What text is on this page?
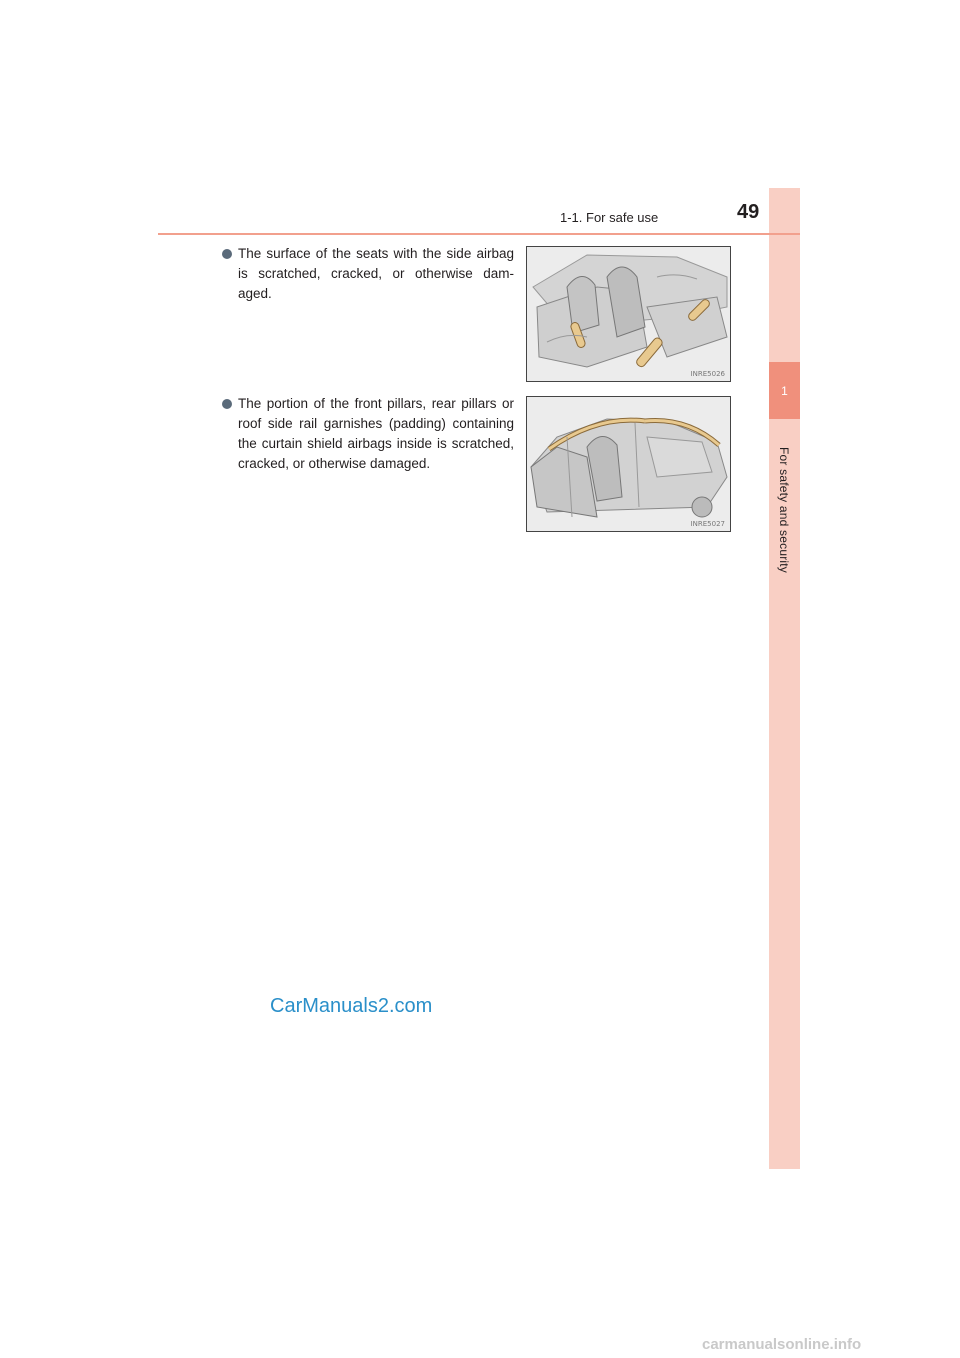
1
For safety and security
1-1. For safe use	49
The surface of the seats with the side airbag is scratched, cracked, or otherwise dam-aged.
INRE5026
The portion of the front pillars, rear pillars or roof side rail garnishes (padding) containing the curtain shield airbags inside is scratched, cracked, or otherwise damaged.
INRE5027
CarManuals2.com
carmanualsonline.info
